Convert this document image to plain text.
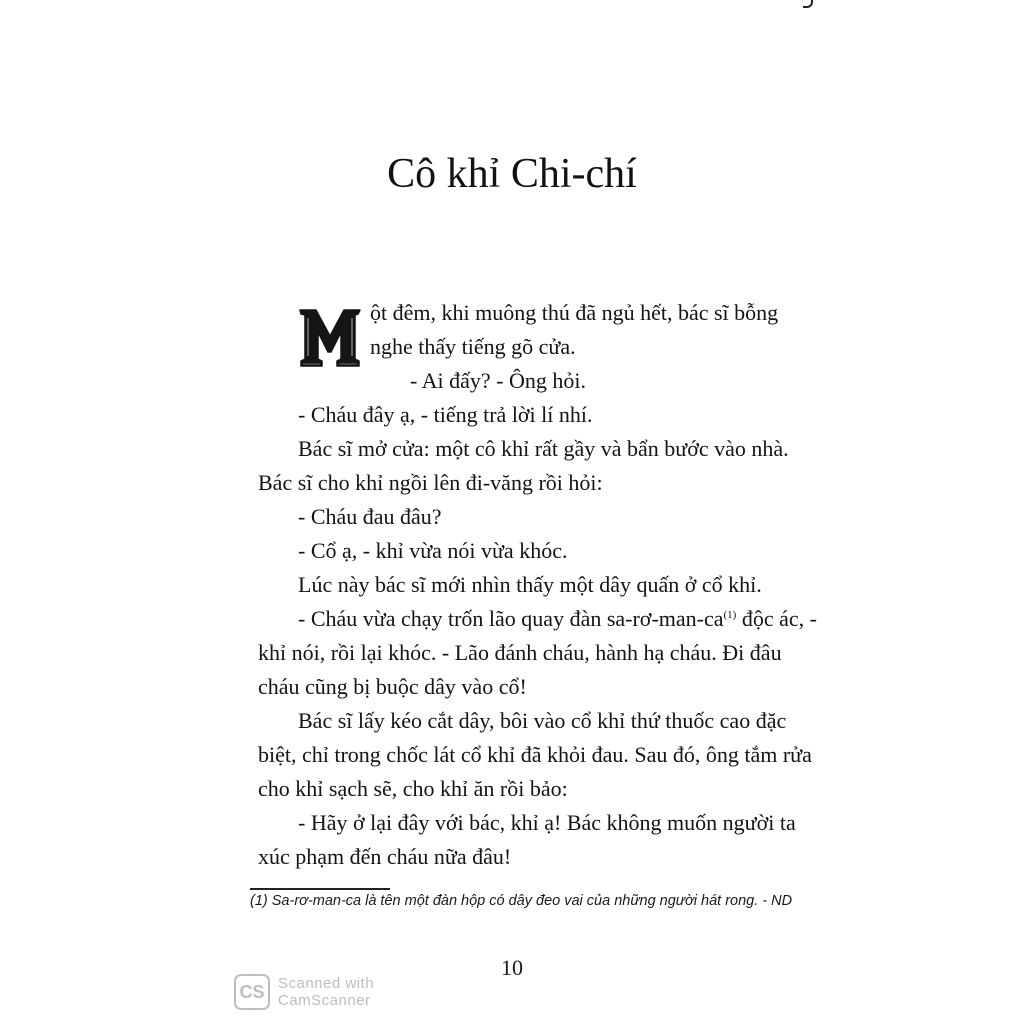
Cô khỉ Chi-chí
ột đêm, khi muông thú đã ngủ hết, bác sĩ bỗng nghe thấy tiếng gõ cửa.

- Ai đấy? - Ông hỏi.

- Cháu đây ạ, - tiếng trả lời lí nhí.

Bác sĩ mở cửa: một cô khỉ rất gầy và bẩn bước vào nhà. Bác sĩ cho khỉ ngồi lên đi-văng rồi hỏi:

- Cháu đau đâu?

- Cổ ạ, - khỉ vừa nói vừa khóc.

Lúc này bác sĩ mới nhìn thấy một dây quấn ở cổ khỉ.

- Cháu vừa chạy trốn lão quay đàn $sa-rơ-man-ca^{(1)}$ độc ác, - khỉ nói, rồi lại khóc. - Lão đánh cháu, hành hạ cháu. Đi đâu cháu cũng bị buộc dây vào cổ!

Bác sĩ lấy kéo cắt dây, bôi vào cổ khỉ thứ thuốc cao đặc biệt, chỉ trong chốc lát cổ khỉ đã khỏi đau. Sau đó, ông tắm rửa cho khỉ sạch sẽ, cho khỉ ăn rồi bảo:

- Hãy ở lại đây với bác, khỉ ạ! Bác không muốn người ta xúc phạm đến cháu nữa đâu!

(1) Sa-rơ-man-ca là tên một đàn hộp có dây đeo vai của những người hát rong. - ND
10
CS Scanned with
CamScanner
